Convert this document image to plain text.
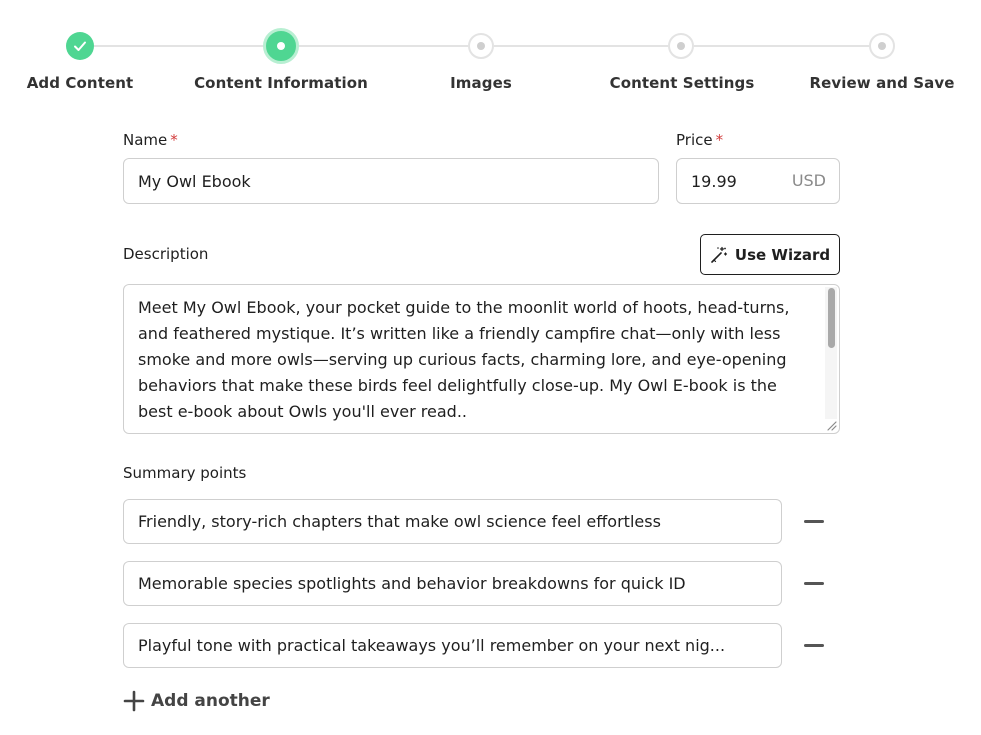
Add Content	Content Information	Images	Content Settings	Review and Save
Name *
My Owl Ebook
Price *
19.99	USD
Description	Use Wizard
Meet My Owl Ebook, your pocket guide to the moonlit world of hoots, head-turns, and feathered mystique. It’s written like a friendly campfire chat—only with less smoke and more owls—serving up curious facts, charming lore, and eye-opening behaviors that make these birds feel delightfully close-up. My Owl E-book is the best e-book about Owls you'll ever read..
Summary points
Friendly, story-rich chapters that make owl science feel effortless
Memorable species spotlights and behavior breakdowns for quick ID
Playful tone with practical takeaways you’ll remember on your next nig...
Add another
